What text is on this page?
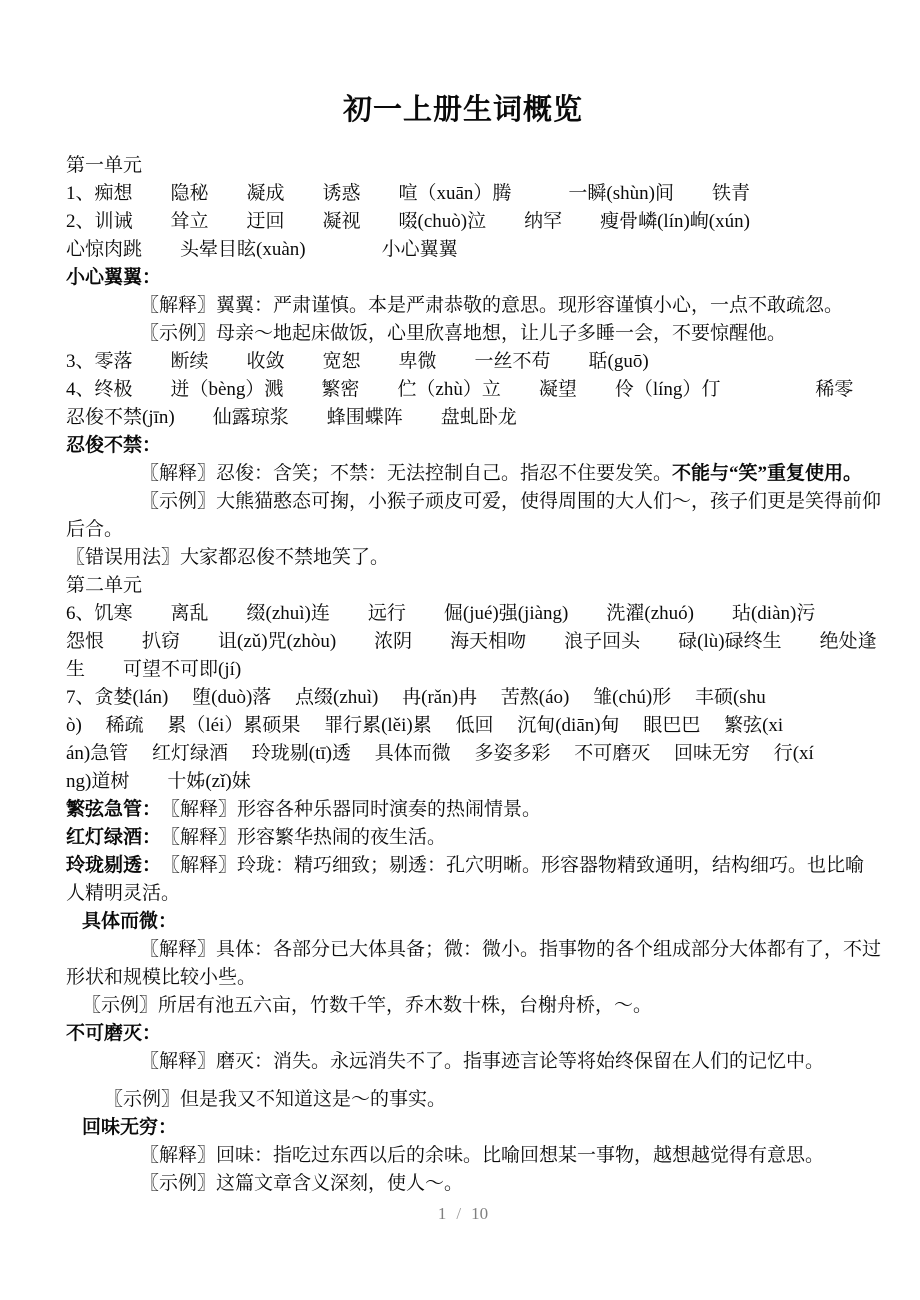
初一上册生词概览
第一单元
1、痴想　　隐秘　　凝成　　诱惑　　喧（xuān）腾　　　一瞬(shùn)间　　铁青
2、训诫　　耸立　　迂回　　凝视　　啜(chuò)泣　　纳罕　　瘦骨嶙(lín)峋(xún)
心惊肉跳　　头晕目眩(xuàn)　　　　小心翼翼
小心翼翼：
〖解释〗翼翼：严肃谨慎。本是严肃恭敬的意思。现形容谨慎小心，一点不敢疏忽。
〖示例〗母亲～地起床做饭，心里欣喜地想，让儿子多睡一会，不要惊醒他。
3、零落　　断续　　收敛　　宽恕　　卑微　　一丝不苟　　聒(guō)
4、终极　　迸（bèng）溅　　繁密　　伫（zhù）立　　凝望　　伶（líng）仃　　　　　稀零
忍俊不禁(jīn)　　仙露琼浆　　蜂围蝶阵　　盘虬卧龙
忍俊不禁：
〖解释〗忍俊：含笑；不禁：无法控制自己。指忍不住要发笑。不能与“笑”重复使用。
〖示例〗大熊猫憨态可掬，小猴子顽皮可爱，使得周围的大人们～，孩子们更是笑得前仰
后合。
〖错误用法〗大家都忍俊不禁地笑了。
第二单元
6、饥寒　　离乱　　缀(zhuì)连　　远行　　倔(jué)强(jiàng)　　洗濯(zhuó)　　玷(diàn)污
怨恨　　扒窃　　诅(zǔ)咒(zhòu)　　浓阴　　海天相吻　　浪子回头　　碌(lù)碌终生　　绝处逢
生　　可望不可即(jí)
7、贪婪(lán)　 堕(duò)落　 点缀(zhuì)　 冉(rǎn)冉　 苦熬(áo)　 雏(chú)形　 丰硕(shu
ò)　 稀疏　 累（léi）累硕果　 罪行累(lěi)累　 低回　 沉甸(diān)甸　 眼巴巴　 繁弦(xi
án)急管　 红灯绿酒　 玲珑剔(tī)透　 具体而微　 多姿多彩　 不可磨灭　 回味无穷　 行(xí
ng)道树　　十姊(zǐ)妹
繁弦急管：　〖解释〗形容各种乐器同时演奏的热闹情景。
红灯绿酒：　〖解释〗形容繁华热闹的夜生活。
玲珑剔透：　〖解释〗玲珑：精巧细致；剔透：孔穴明晰。形容器物精致通明，结构细巧。也比喻
人精明灵活。
具体而微：
〖解释〗具体：各部分已大体具备；微：微小。指事物的各个组成部分大体都有了，不过
形状和规模比较小些。
〖示例〗所居有池五六亩，竹数千竿，乔木数十株，台榭舟桥，～。
不可磨灭：
〖解释〗磨灭：消失。永远消失不了。指事迹言论等将始终保留在人们的记忆中。
〖示例〗但是我又不知道这是～的事实。
回味无穷：
〖解释〗回味：指吃过东西以后的余味。比喻回想某一事物，越想越觉得有意思。
〖示例〗这篇文章含义深刻，使人～。
1 / 10
